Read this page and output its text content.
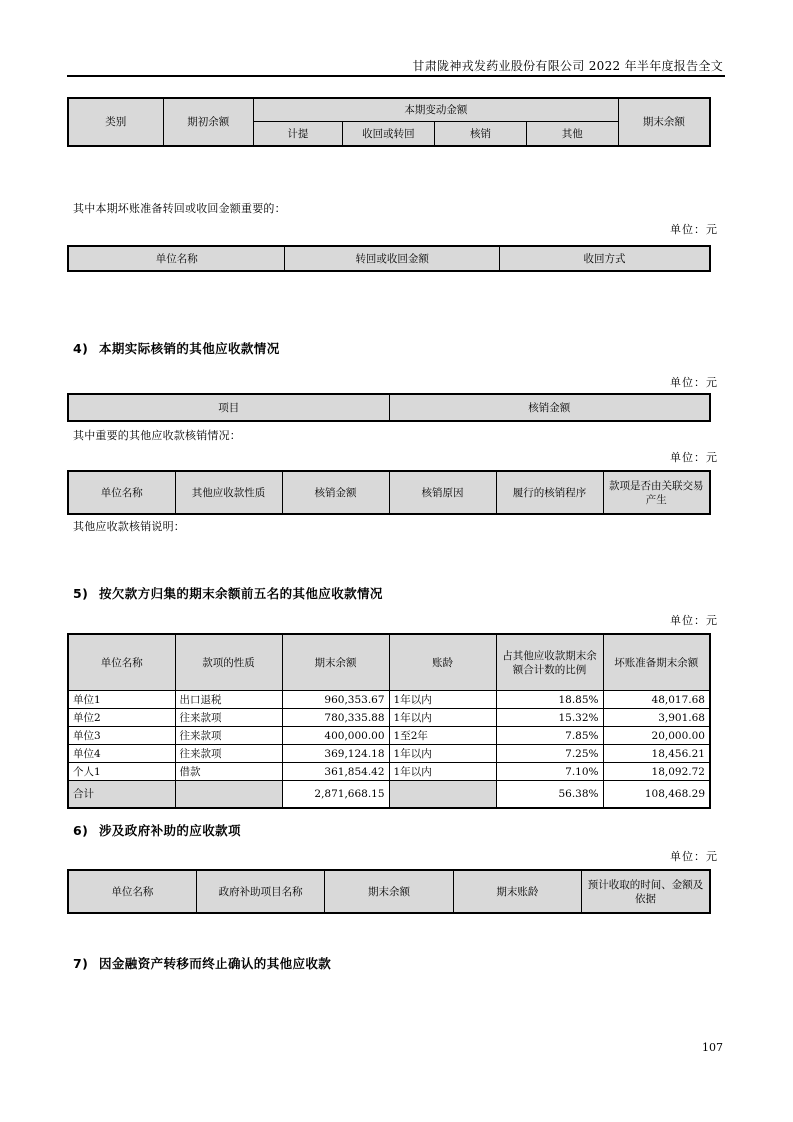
甘肃陇神戎发药业股份有限公司 2022 年半年度报告全文
类别	期初余额	本期变动金额				期末余额
		计提	收回或转回	核销	其他	
其中本期坏账准备转回或收回金额重要的：
单位：元
单位名称	转回或收回金额	收回方式
4) 本期实际核销的其他应收款情况
单位：元
项目	核销金额
其中重要的其他应收款核销情况：
单位：元
单位名称	其他应收款性质	核销金额	核销原因	履行的核销程序	款项是否由关联交易产生
其他应收款核销说明：
5) 按欠款方归集的期末余额前五名的其他应收款情况
单位：元
单位名称	款项的性质	期末余额	账龄	占其他应收款期末余额合计数的比例	坏账准备期末余额
单位1	出口退税	960,353.67	1年以内	18.85%	48,017.68
单位2	往来款项	780,335.88	1年以内	15.32%	3,901.68
单位3	往来款项	400,000.00	1至2年	7.85%	20,000.00
单位4	往来款项	369,124.18	1年以内	7.25%	18,456.21
个人1	借款	361,854.42	1年以内	7.10%	18,092.72
合计		2,871,668.15		56.38%	108,468.29
6) 涉及政府补助的应收款项
单位：元
单位名称	政府补助项目名称	期末余额	期末账龄	预计收取的时间、金额及依据
7) 因金融资产转移而终止确认的其他应收款
107
